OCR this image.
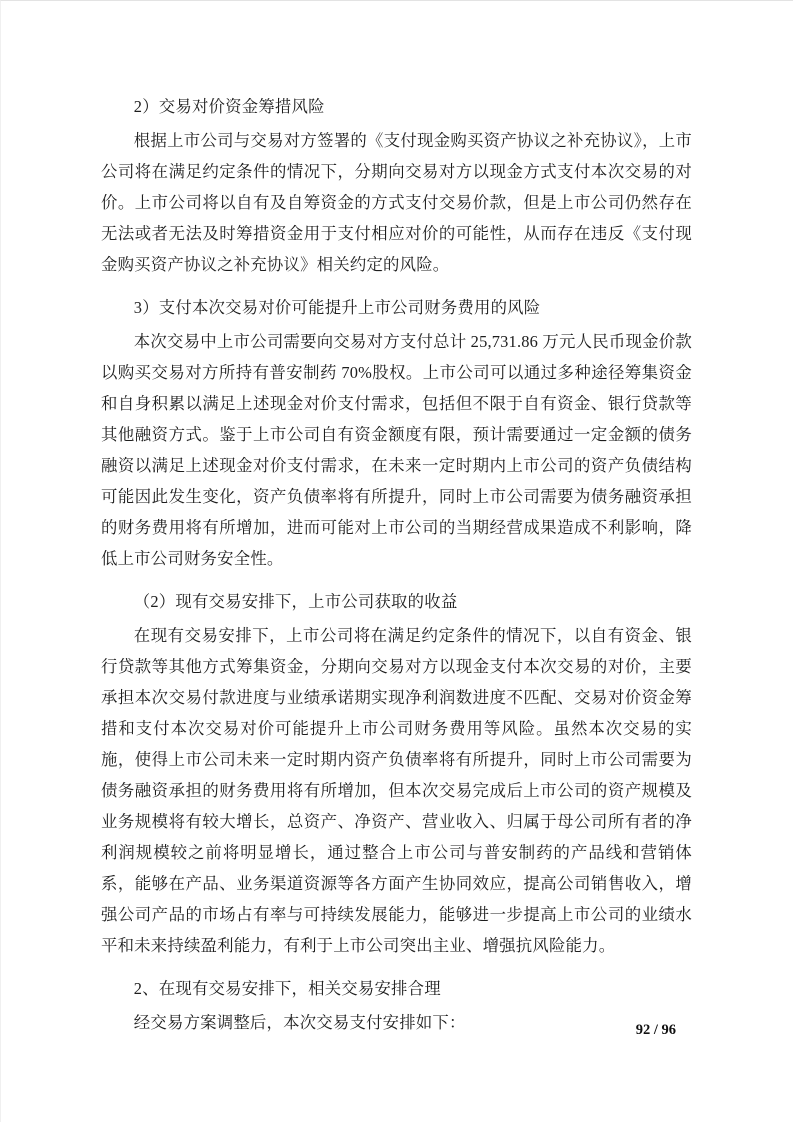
2）交易对价资金筹措风险

根据上市公司与交易对方签署的《支付现金购买资产协议之补充协议》，上市公司将在满足约定条件的情况下，分期向交易对方以现金方式支付本次交易的对价。上市公司将以自有及自筹资金的方式支付交易价款，但是上市公司仍然存在无法或者无法及时筹措资金用于支付相应对价的可能性，从而存在违反《支付现金购买资产协议之补充协议》相关约定的风险。

3）支付本次交易对价可能提升上市公司财务费用的风险

本次交易中上市公司需要向交易对方支付总计 25,731.86 万元人民币现金价款以购买交易对方所持有普安制药 70%股权。上市公司可以通过多种途径筹集资金和自身积累以满足上述现金对价支付需求，包括但不限于自有资金、银行贷款等其他融资方式。鉴于上市公司自有资金额度有限，预计需要通过一定金额的债务融资以满足上述现金对价支付需求，在未来一定时期内上市公司的资产负债结构可能因此发生变化，资产负债率将有所提升，同时上市公司需要为债务融资承担的财务费用将有所增加，进而可能对上市公司的当期经营成果造成不利影响，降低上市公司财务安全性。

（2）现有交易安排下，上市公司获取的收益

在现有交易安排下，上市公司将在满足约定条件的情况下，以自有资金、银行贷款等其他方式筹集资金，分期向交易对方以现金支付本次交易的对价，主要承担本次交易付款进度与业绩承诺期实现净利润数进度不匹配、交易对价资金筹措和支付本次交易对价可能提升上市公司财务费用等风险。虽然本次交易的实施，使得上市公司未来一定时期内资产负债率将有所提升，同时上市公司需要为债务融资承担的财务费用将有所增加，但本次交易完成后上市公司的资产规模及业务规模将有较大增长，总资产、净资产、营业收入、归属于母公司所有者的净利润规模较之前将明显增长，通过整合上市公司与普安制药的产品线和营销体系，能够在产品、业务渠道资源等各方面产生协同效应，提高公司销售收入，增强公司产品的市场占有率与可持续发展能力，能够进一步提高上市公司的业绩水平和未来持续盈利能力，有利于上市公司突出主业、增强抗风险能力。

2、在现有交易安排下，相关交易安排合理

经交易方案调整后，本次交易支付安排如下：	92 / 96
